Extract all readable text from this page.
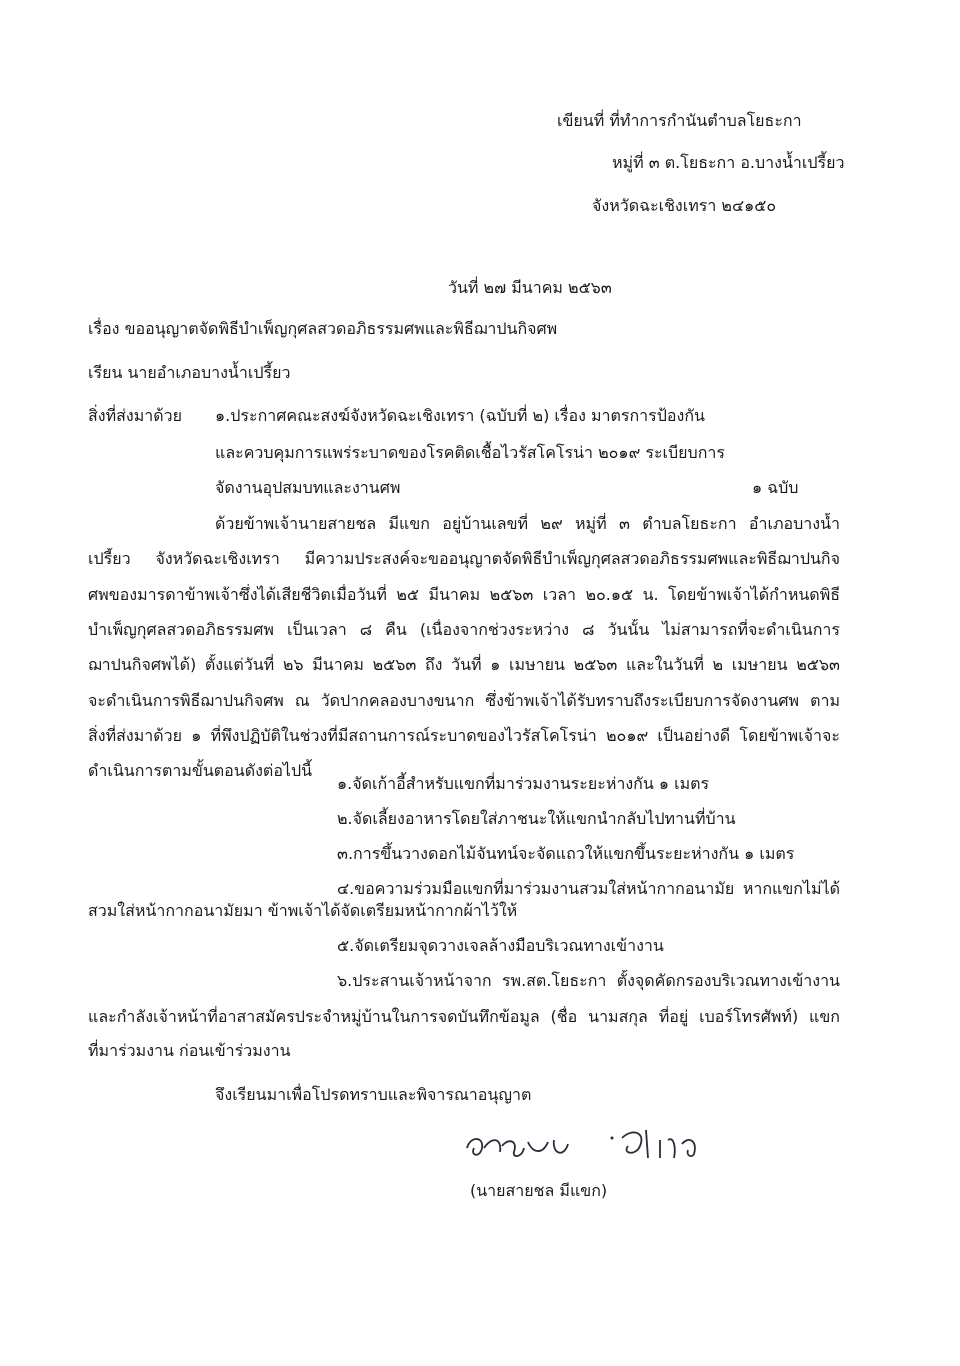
เขียนที่ ที่ทำการกำนันตำบลโยธะกา
หมู่ที่ ๓ ต.โยธะกา อ.บางน้ำเปรี้ยว
จังหวัดฉะเชิงเทรา ๒๔๑๕๐
วันที่ ๒๗ มีนาคม ๒๕๖๓
เรื่อง ขออนุญาตจัดพิธีบำเพ็ญกุศลสวดอภิธรรมศพและพิธีฌาปนกิจศพ
เรียน นายอำเภอบางน้ำเปรี้ยว
สิ่งที่ส่งมาด้วย ๑.ประกาศคณะสงฆ์จังหวัดฉะเชิงเทรา (ฉบับที่ ๒) เรื่อง มาตรการป้องกัน
และควบคุมการแพร่ระบาดของโรคติดเชื้อไวรัสโคโรน่า ๒๐๑๙ ระเบียบการ
จัดงานอุปสมบทและงานศพ	๑ ฉบับ
ด้วยข้าพเจ้านายสายชล มีแขก อยู่บ้านเลขที่ ๒๙ หมู่ที่ ๓ ตำบลโยธะกา อำเภอบางน้ำ
เปรี้ยว จังหวัดฉะเชิงเทรา มีความประสงค์จะขออนุญาตจัดพิธีบำเพ็ญกุศลสวดอภิธรรมศพและพิธีฌาปนกิจ
ศพของมารดาข้าพเจ้าซึ่งได้เสียชีวิตเมื่อวันที่ ๒๕ มีนาคม ๒๕๖๓ เวลา ๒๐.๑๕ น. โดยข้าพเจ้าได้กำหนดพิธี
บำเพ็ญกุศลสวดอภิธรรมศพ เป็นเวลา ๘ คืน (เนื่องจากช่วงระหว่าง ๘ วันนั้น ไม่สามารถที่จะดำเนินการ
ฌาปนกิจศพได้) ตั้งแต่วันที่ ๒๖ มีนาคม ๒๕๖๓ ถึง วันที่ ๑ เมษายน ๒๕๖๓ และในวันที่ ๒ เมษายน ๒๕๖๓
จะดำเนินการพิธีฌาปนกิจศพ ณ วัดปากคลองบางขนาก ซึ่งข้าพเจ้าได้รับทราบถึงระเบียบการจัดงานศพ ตาม
สิ่งที่ส่งมาด้วย ๑ ที่พึงปฏิบัติในช่วงที่มีสถานการณ์ระบาดของไวรัสโคโรน่า ๒๐๑๙ เป็นอย่างดี โดยข้าพเจ้าจะ
ดำเนินการตามขั้นตอนดังต่อไปนี้
๑.จัดเก้าอี้สำหรับแขกที่มาร่วมงานระยะห่างกัน ๑ เมตร
๒.จัดเลี้ยงอาหารโดยใส่ภาชนะให้แขกนำกลับไปทานที่บ้าน
๓.การขึ้นวางดอกไม้จันทน์จะจัดแถวให้แขกขึ้นระยะห่างกัน ๑ เมตร
๔.ขอความร่วมมือแขกที่มาร่วมงานสวมใส่หน้ากากอนามัย หากแขกไม่ได้
สวมใส่หน้ากากอนามัยมา ข้าพเจ้าได้จัดเตรียมหน้ากากผ้าไว้ให้
๕.จัดเตรียมจุดวางเจลล้างมือบริเวณทางเข้างาน
๖.ประสานเจ้าหน้าจาก รพ.สต.โยธะกา ตั้งจุดคัดกรองบริเวณทางเข้างาน
และกำลังเจ้าหน้าที่อาสาสมัครประจำหมู่บ้านในการจดบันทึกข้อมูล (ชื่อ นามสกุล ที่อยู่ เบอร์โทรศัพท์) แขก
ที่มาร่วมงาน ก่อนเข้าร่วมงาน
จึงเรียนมาเพื่อโปรดทราบและพิจารณาอนุญาต
(นายสายชล มีแขก)
